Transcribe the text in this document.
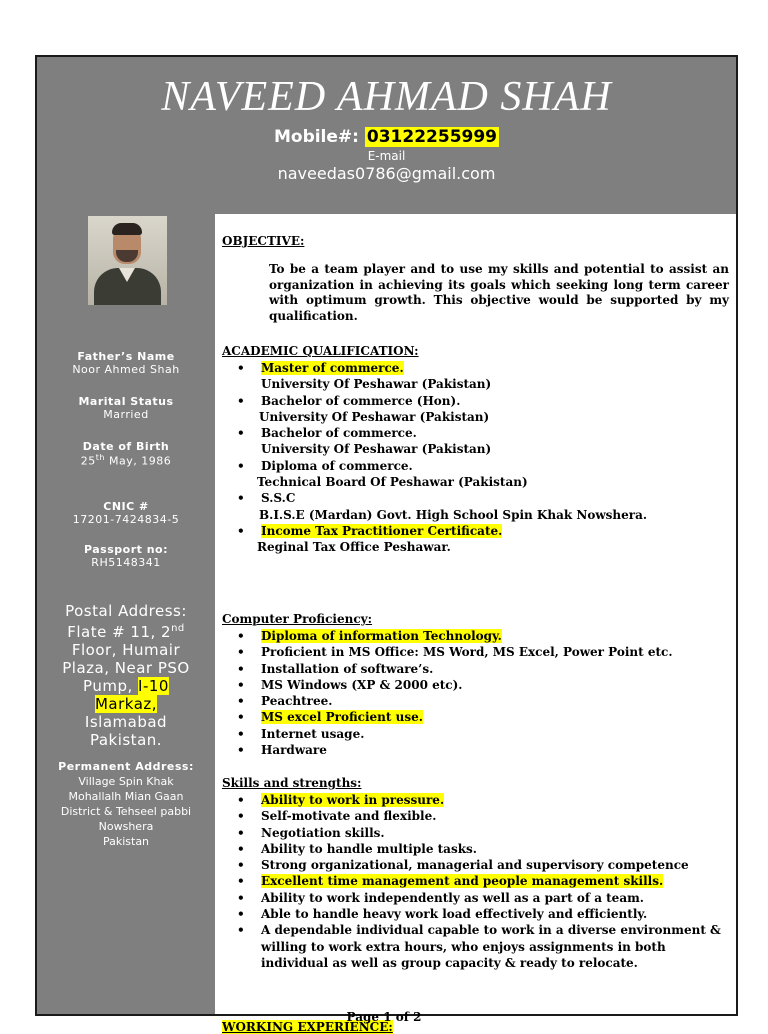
NAVEED AHMAD SHAH
Mobile#: 03122255999
E-mail
naveedas0786@gmail.com
Father’s Name
Noor Ahmed Shah
Marital Status
Married
Date of Birth
25th May, 1986
CNIC #
17201-7424834-5
Passport no:
RH5148341
Postal Address:
Flate # 11, 2nd
Floor, Humair
Plaza, Near PSO
Pump, I-10
Markaz,
Islamabad
Pakistan.
Permanent Address:
Village Spin Khak
Mohallalh Mian Gaan
District & Tehseel pabbi
Nowshera
Pakistan
OBJECTIVE:
To be a team player and to use my skills and potential to assist an organization in achieving its goals which seeking long term career with optimum growth. This objective would be supported by my qualification.
ACADEMIC QUALIFICATION:
• Master of commerce.
University Of Peshawar (Pakistan)
• Bachelor of commerce (Hon).
University Of Peshawar (Pakistan)
• Bachelor of commerce.
University Of Peshawar (Pakistan)
• Diploma of commerce.
Technical Board Of Peshawar (Pakistan)
• S.S.C
B.I.S.E (Mardan) Govt. High School Spin Khak Nowshera.
• Income Tax Practitioner Certificate.
Reginal Tax Office Peshawar.
Computer Proficiency:
• Diploma of information Technology.
• Proficient in MS Office: MS Word, MS Excel, Power Point etc.
• Installation of software’s.
• MS Windows (XP & 2000 etc).
• Peachtree.
• MS excel Proficient use.
• Internet usage.
• Hardware
Skills and strengths:
• Ability to work in pressure.
• Self-motivate and flexible.
• Negotiation skills.
• Ability to handle multiple tasks.
• Strong organizational, managerial and supervisory competence
• Excellent time management and people management skills.
• Ability to work independently as well as a part of a team.
• Able to handle heavy work load effectively and efficiently.
• A dependable individual capable to work in a diverse environment & willing to work extra hours, who enjoys assignments in both individual as well as group capacity & ready to relocate.
WORKING EXPERIENCE:
Page 1 of 2
